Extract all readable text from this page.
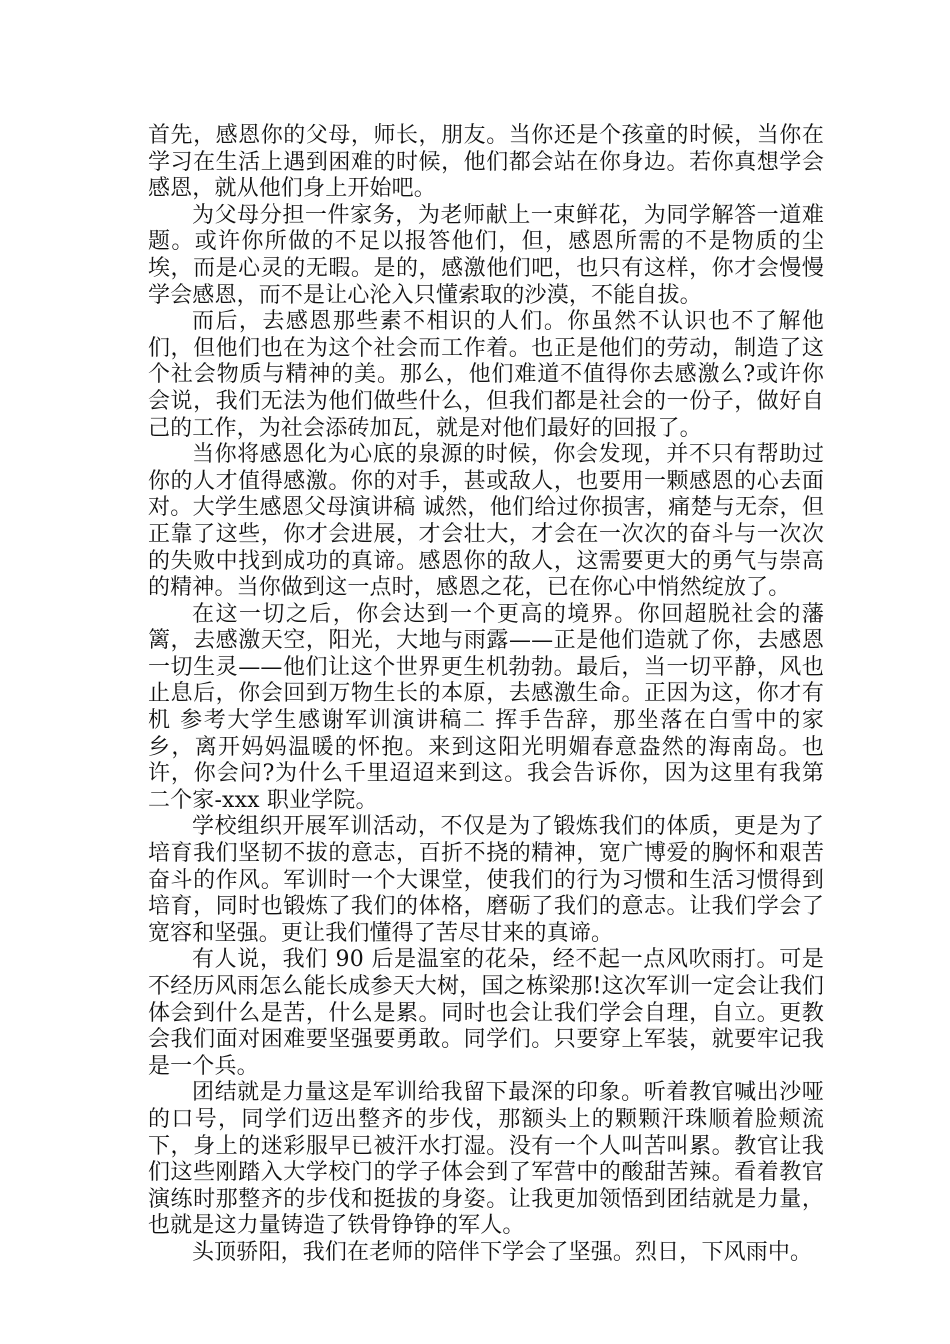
首先，感恩你的父母，师长，朋友。当你还是个孩童的时候，当你在学习在生活上遇到困难的时候，他们都会站在你身边。若你真想学会感恩，就从他们身上开始吧。

为父母分担一件家务，为老师献上一束鲜花，为同学解答一道难题。或许你所做的不足以报答他们，但，感恩所需的不是物质的尘埃，而是心灵的无暇。是的，感激他们吧，也只有这样，你才会慢慢学会感恩，而不是让心沦入只懂索取的沙漠，不能自拔。

而后，去感恩那些素不相识的人们。你虽然不认识也不了解他们，但他们也在为这个社会而工作着。也正是他们的劳动，制造了这个社会物质与精神的美。那么，他们难道不值得你去感激么?或许你会说，我们无法为他们做些什么，但我们都是社会的一份子，做好自己的工作，为社会添砖加瓦，就是对他们最好的回报了。

当你将感恩化为心底的泉源的时候，你会发现，并不只有帮助过你的人才值得感激。你的对手，甚或敌人，也要用一颗感恩的心去面对。大学生感恩父母演讲稿 诚然，他们给过你损害，痛楚与无奈，但正靠了这些，你才会进展，才会壮大，才会在一次次的奋斗与一次次的失败中找到成功的真谛。感恩你的敌人，这需要更大的勇气与崇高的精神。当你做到这一点时，感恩之花，已在你心中悄然绽放了。

在这一切之后，你会达到一个更高的境界。你回超脱社会的藩篱，去感激天空，阳光，大地与雨露——正是他们造就了你，去感恩一切生灵——他们让这个世界更生机勃勃。最后，当一切平静，风也止息后，你会回到万物生长的本原，去感激生命。正因为这，你才有机 参考大学生感谢军训演讲稿二 挥手告辞，那坐落在白雪中的家乡，离开妈妈温暖的怀抱。来到这阳光明媚春意盎然的海南岛。也许，你会问?为什么千里迢迢来到这。我会告诉你，因为这里有我第二个家-xxx 职业学院。

学校组织开展军训活动，不仅是为了锻炼我们的体质，更是为了培育我们坚韧不拔的意志，百折不挠的精神，宽广博爱的胸怀和艰苦奋斗的作风。军训时一个大课堂，使我们的行为习惯和生活习惯得到培育，同时也锻炼了我们的体格，磨砺了我们的意志。让我们学会了宽容和坚强。更让我们懂得了苦尽甘来的真谛。

有人说，我们 90 后是温室的花朵，经不起一点风吹雨打。可是不经历风雨怎么能长成参天大树，国之栋梁那!这次军训一定会让我们体会到什么是苦，什么是累。同时也会让我们学会自理，自立。更教会我们面对困难要坚强要勇敢。同学们。只要穿上军装，就要牢记我是一个兵。

团结就是力量这是军训给我留下最深的印象。听着教官喊出沙哑的口号，同学们迈出整齐的步伐，那额头上的颗颗汗珠顺着脸颊流下，身上的迷彩服早已被汗水打湿。没有一个人叫苦叫累。教官让我们这些刚踏入大学校门的学子体会到了军营中的酸甜苦辣。看着教官演练时那整齐的步伐和挺拔的身姿。让我更加领悟到团结就是力量，也就是这力量铸造了铁骨铮铮的军人。

头顶骄阳，我们在老师的陪伴下学会了坚强。烈日，下风雨中。
